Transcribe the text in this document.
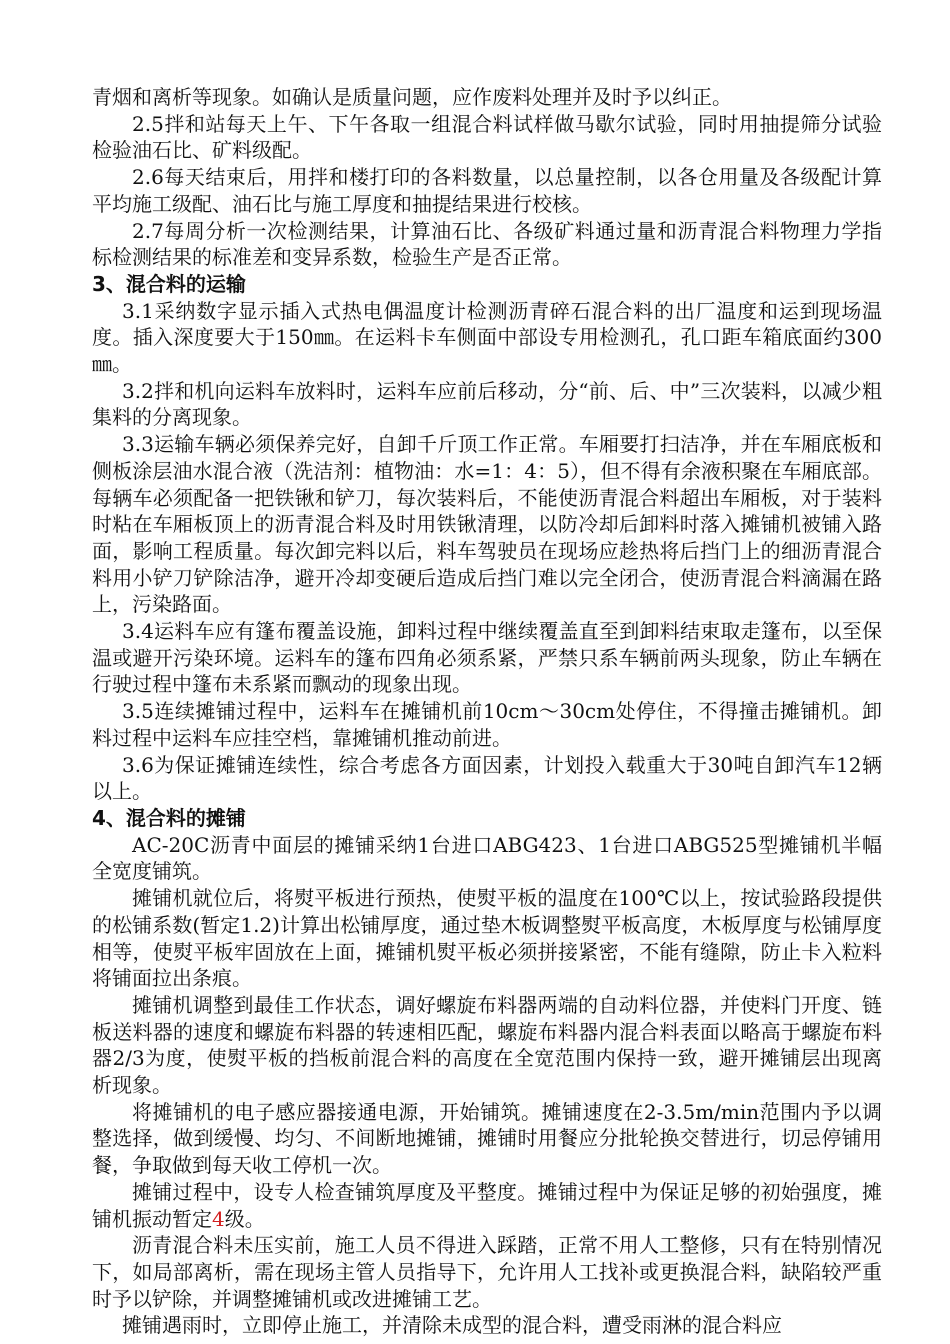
青烟和离析等现象。如确认是质量问题，应作废料处理并及时予以纠正。

2.5拌和站每天上午、下午各取一组混合料试样做马歇尔试验，同时用抽提筛分试验检验油石比、矿料级配。

2.6每天结束后，用拌和楼打印的各料数量，以总量控制，以各仓用量及各级配计算平均施工级配、油石比与施工厚度和抽提结果进行校核。

2.7每周分析一次检测结果，计算油石比、各级矿料通过量和沥青混合料物理力学指标检测结果的标准差和变异系数，检验生产是否正常。

3、混合料的运输

3.1采纳数字显示插入式热电偶温度计检测沥青碎石混合料的出厂温度和运到现场温度。插入深度要大于150㎜。在运料卡车侧面中部设专用检测孔，孔口距车箱底面约300㎜。

3.2拌和机向运料车放料时，运料车应前后移动，分“前、后、中”三次装料，以减少粗集料的分离现象。

3.3运输车辆必须保养完好，自卸千斤顶工作正常。车厢要打扫洁净，并在车厢底板和侧板涂层油水混合液（洗洁剂：植物油：水=1：4：5），但不得有余液积聚在车厢底部。每辆车必须配备一把铁锹和铲刀，每次装料后，不能使沥青混合料超出车厢板，对于装料时粘在车厢板顶上的沥青混合料及时用铁锹清理，以防冷却后卸料时落入摊铺机被铺入路面，影响工程质量。每次卸完料以后，料车驾驶员在现场应趁热将后挡门上的细沥青混合料用小铲刀铲除洁净，避开冷却变硬后造成后挡门难以完全闭合，使沥青混合料滴漏在路上，污染路面。

3.4运料车应有篷布覆盖设施，卸料过程中继续覆盖直至到卸料结束取走篷布，以至保温或避开污染环境。运料车的篷布四角必须系紧，严禁只系车辆前两头现象，防止车辆在行驶过程中篷布未系紧而飘动的现象出现。

3.5连续摊铺过程中，运料车在摊铺机前10cm～30cm处停住，不得撞击摊铺机。卸料过程中运料车应挂空档，靠摊铺机推动前进。

3.6为保证摊铺连续性，综合考虑各方面因素，计划投入载重大于30吨自卸汽车12辆以上。

4、混合料的摊铺

AC-20C沥青中面层的摊铺采纳1台进口ABG423、1台进口ABG525型摊铺机半幅全宽度铺筑。

摊铺机就位后，将熨平板进行预热，使熨平板的温度在100℃以上，按试验路段提供的松铺系数(暂定1.2)计算出松铺厚度，通过垫木板调整熨平板高度，木板厚度与松铺厚度相等，使熨平板牢固放在上面，摊铺机熨平板必须拼接紧密，不能有缝隙，防止卡入粒料将铺面拉出条痕。

摊铺机调整到最佳工作状态，调好螺旋布料器两端的自动料位器，并使料门开度、链板送料器的速度和螺旋布料器的转速相匹配，螺旋布料器内混合料表面以略高于螺旋布料器2/3为度，使熨平板的挡板前混合料的高度在全宽范围内保持一致，避开摊铺层出现离析现象。

将摊铺机的电子感应器接通电源，开始铺筑。摊铺速度在2-3.5m/min范围内予以调整选择，做到缓慢、均匀、不间断地摊铺，摊铺时用餐应分批轮换交替进行，切忌停铺用餐，争取做到每天收工停机一次。

摊铺过程中，设专人检查铺筑厚度及平整度。摊铺过程中为保证足够的初始强度，摊铺机振动暂定4级。

沥青混合料未压实前，施工人员不得进入踩踏，正常不用人工整修，只有在特别情况下，如局部离析，需在现场主管人员指导下，允许用人工找补或更换混合料，缺陷较严重时予以铲除，并调整摊铺机或改进摊铺工艺。

摊铺遇雨时，立即停止施工，并清除未成型的混合料，遭受雨淋的混合料应
